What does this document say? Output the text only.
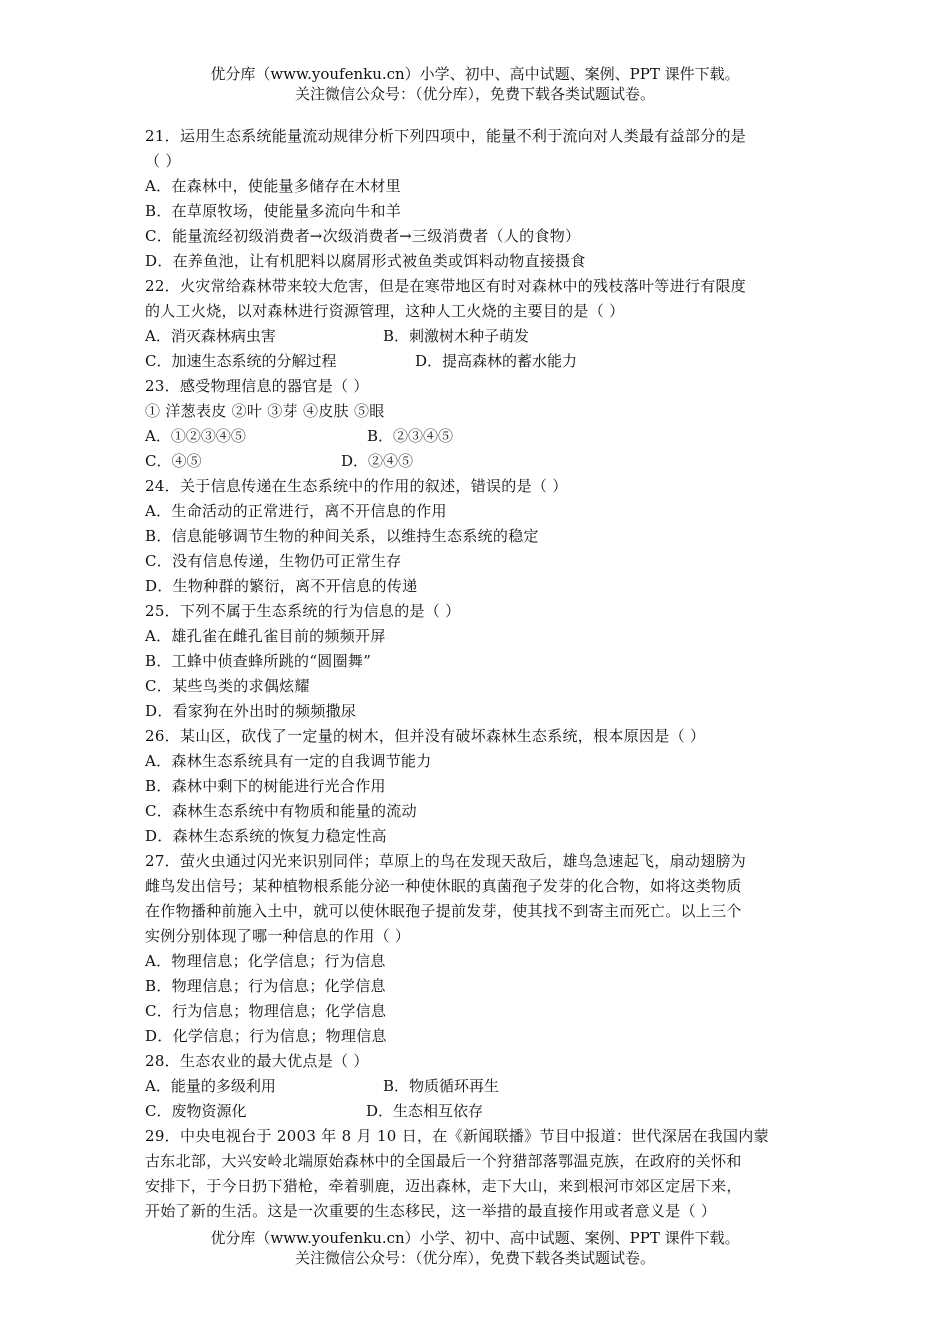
优分库（www.youfenku.cn）小学、初中、高中试题、案例、PPT 课件下载。
关注微信公众号：（优分库），免费下载各类试题试卷。
21．运用生态系统能量流动规律分析下列四项中，能量不利于流向对人类最有益部分的是
（ ）
A．在森林中，使能量多储存在木材里
B．在草原牧场，使能量多流向牛和羊
C．能量流经初级消费者→次级消费者→三级消费者（人的食物）
D．在养鱼池，让有机肥料以腐屑形式被鱼类或饵料动物直接摄食
22．火灾常给森林带来较大危害，但是在寒带地区有时对森林中的残枝落叶等进行有限度
的人工火烧，以对森林进行资源管理，这种人工火烧的主要目的是（ ）
A．消灭森林病虫害	B．刺激树木种子萌发
C．加速生态系统的分解过程	D．提高森林的蓄水能力
23．感受物理信息的器官是（ ）
① 洋葱表皮 ②叶 ③芽 ④皮肤 ⑤眼
A．①②③④⑤	B．②③④⑤
C．④⑤	D．②④⑤
24．关于信息传递在生态系统中的作用的叙述，错误的是（ ）
A．生命活动的正常进行，离不开信息的作用
B．信息能够调节生物的种间关系，以维持生态系统的稳定
C．没有信息传递，生物仍可正常生存
D．生物种群的繁衍，离不开信息的传递
25．下列不属于生态系统的行为信息的是（ ）
A．雄孔雀在雌孔雀目前的频频开屏
B．工蜂中侦查蜂所跳的“圆圈舞”
C．某些鸟类的求偶炫耀
D．看家狗在外出时的频频撒尿
26．某山区，砍伐了一定量的树木，但并没有破坏森林生态系统，根本原因是（ ）
A．森林生态系统具有一定的自我调节能力
B．森林中剩下的树能进行光合作用
C．森林生态系统中有物质和能量的流动
D．森林生态系统的恢复力稳定性高
27．萤火虫通过闪光来识别同伴；草原上的鸟在发现天敌后，雄鸟急速起飞，扇动翅膀为
雌鸟发出信号；某种植物根系能分泌一种使休眠的真菌孢子发芽的化合物，如将这类物质
在作物播种前施入土中，就可以使休眠孢子提前发芽，使其找不到寄主而死亡。以上三个
实例分别体现了哪一种信息的作用（ ）
A．物理信息；化学信息；行为信息
B．物理信息；行为信息；化学信息
C．行为信息；物理信息；化学信息
D．化学信息；行为信息；物理信息
28．生态农业的最大优点是（ ）
A．能量的多级利用	B．物质循环再生
C．废物资源化	D．生态相互依存
29．中央电视台于 2003 年 8 月 10 日，在《新闻联播》节目中报道：世代深居在我国内蒙
古东北部，大兴安岭北端原始森林中的全国最后一个狩猎部落鄂温克族，在政府的关怀和
安排下，于今日扔下猎枪，牵着驯鹿，迈出森林，走下大山，来到根河市郊区定居下来，
开始了新的生活。这是一次重要的生态移民，这一举措的最直接作用或者意义是（ ）
优分库（www.youfenku.cn）小学、初中、高中试题、案例、PPT 课件下载。
关注微信公众号：（优分库），免费下载各类试题试卷。
